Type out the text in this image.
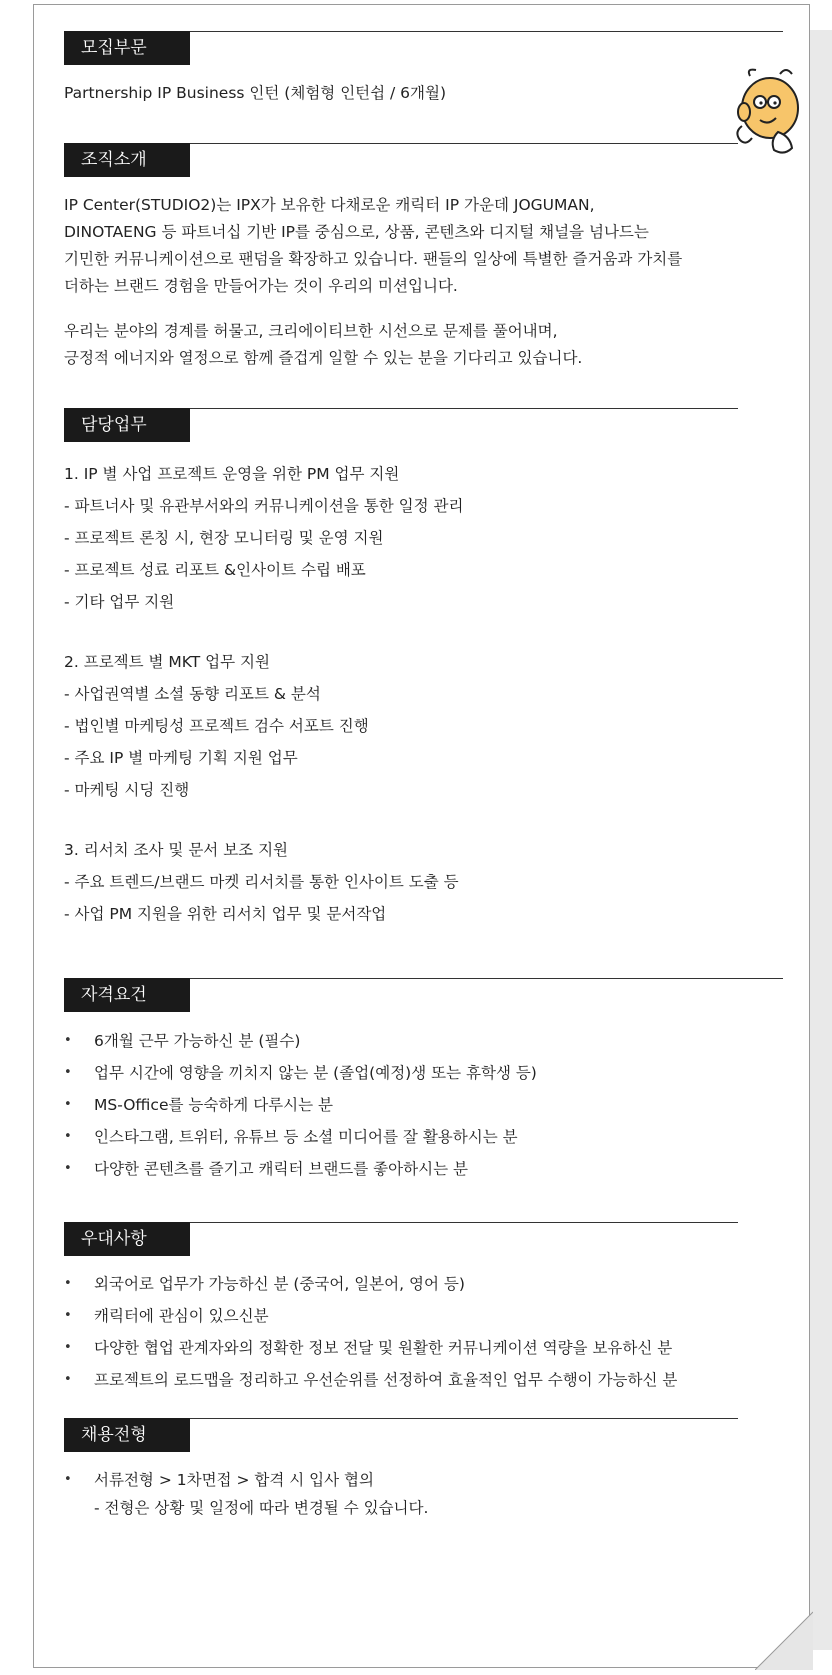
모집부문
Partnership IP Business 인턴 (체험형 인턴쉽 / 6개월)
조직소개
IP Center(STUDIO2)는 IPX가 보유한 다채로운 캐릭터 IP 가운데 JOGUMAN,
DINOTAENG 등 파트너십 기반 IP를 중심으로, 상품, 콘텐츠와 디지털 채널을 넘나드는
기민한 커뮤니케이션으로 팬덤을 확장하고 있습니다. 팬들의 일상에 특별한 즐거움과 가치를
더하는 브랜드 경험을 만들어가는 것이 우리의 미션입니다.
우리는 분야의 경계를 허물고, 크리에이티브한 시선으로 문제를 풀어내며,
긍정적 에너지와 열정으로 함께 즐겁게 일할 수 있는 분을 기다리고 있습니다.
담당업무
1. IP 별 사업 프로젝트 운영을 위한 PM 업무 지원
- 파트너사 및 유관부서와의 커뮤니케이션을 통한 일정 관리
- 프로젝트 론칭 시, 현장 모니터링 및 운영 지원
- 프로젝트 성료 리포트 &인사이트 수립 배포
- 기타 업무 지원
2. 프로젝트 별 MKT 업무 지원
- 사업권역별 소셜 동향 리포트 & 분석
- 법인별 마케팅성 프로젝트 검수 서포트 진행
- 주요 IP 별 마케팅 기획 지원 업무
- 마케팅 시딩 진행
3. 리서치 조사 및 문서 보조 지원
- 주요 트렌드/브랜드 마켓 리서치를 통한 인사이트 도출 등
- 사업 PM 지원을 위한 리서치 업무 및 문서작업
자격요건
• 6개월 근무 가능하신 분 (필수)
• 업무 시간에 영향을 끼치지 않는 분 (졸업(예정)생 또는 휴학생 등)
• MS-Office를 능숙하게 다루시는 분
• 인스타그램, 트위터, 유튜브 등 소셜 미디어를 잘 활용하시는 분
• 다양한 콘텐츠를 즐기고 캐릭터 브랜드를 좋아하시는 분
우대사항
• 외국어로 업무가 가능하신 분 (중국어, 일본어, 영어 등)
• 캐릭터에 관심이 있으신분
• 다양한 협업 관계자와의 정확한 정보 전달 및 원활한 커뮤니케이션 역량을 보유하신 분
• 프로젝트의 로드맵을 정리하고 우선순위를 선정하여 효율적인 업무 수행이 가능하신 분
채용전형
• 서류전형 > 1차면접 > 합격 시 입사 협의
- 전형은 상황 및 일정에 따라 변경될 수 있습니다.
